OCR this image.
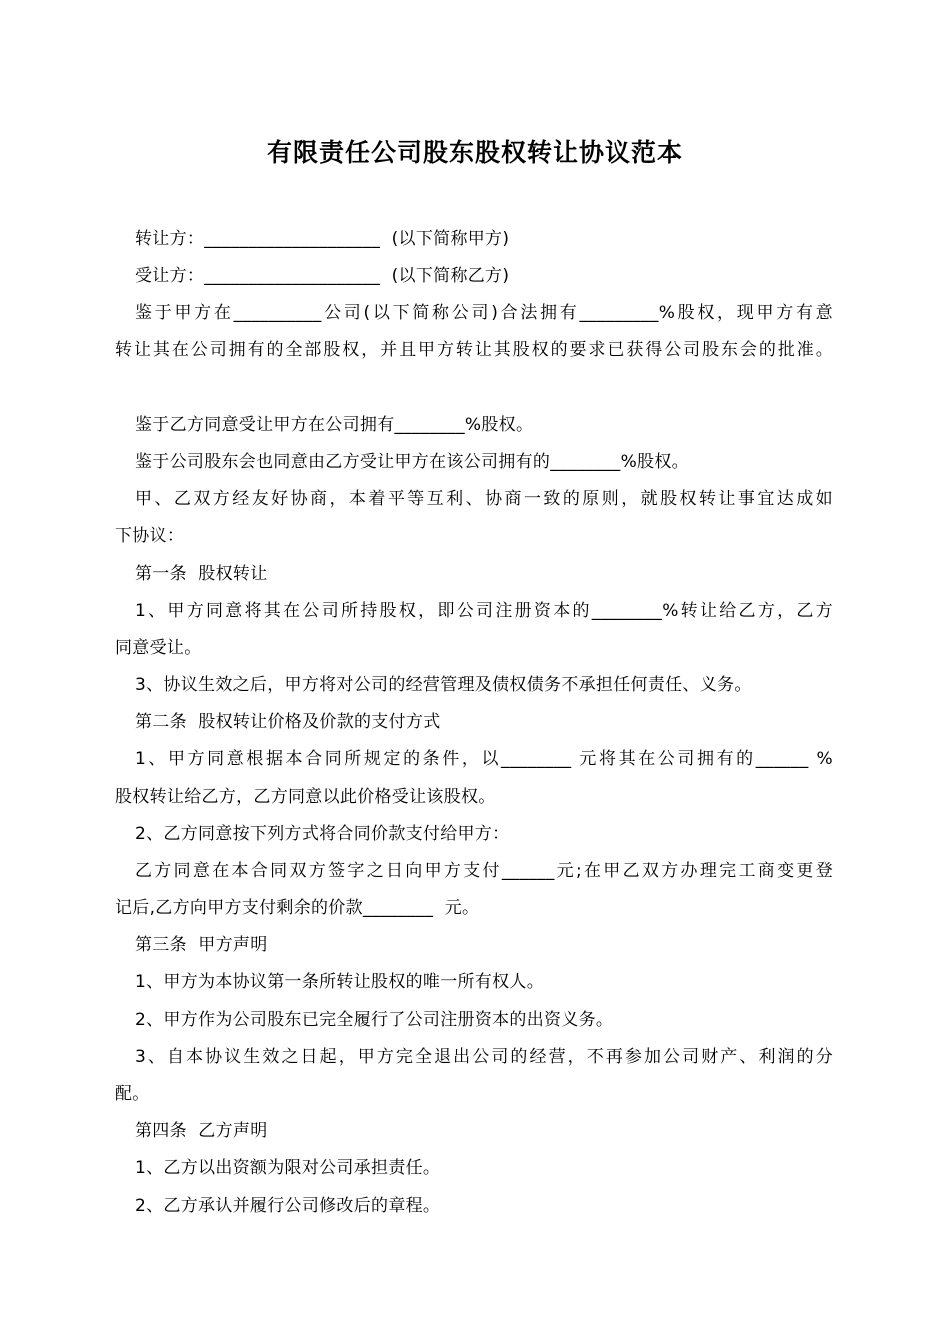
有限责任公司股东股权转让协议范本
转让方：____________________  (以下简称甲方)
受让方：____________________  (以下简称乙方)
鉴于甲方在__________公司(以下简称公司)合法拥有_________%股权，现甲方有意
转让其在公司拥有的全部股权，并且甲方转让其股权的要求已获得公司股东会的批准。
鉴于乙方同意受让甲方在公司拥有________%股权。
鉴于公司股东会也同意由乙方受让甲方在该公司拥有的________%股权。
甲、乙双方经友好协商，本着平等互利、协商一致的原则，就股权转让事宜达成如
下协议：
第一条  股权转让
1、甲方同意将其在公司所持股权，即公司注册资本的________%转让给乙方，乙方
同意受让。
3、协议生效之后，甲方将对公司的经营管理及债权债务不承担任何责任、义务。
第二条  股权转让价格及价款的支付方式
1、甲方同意根据本合同所规定的条件，以________ 元将其在公司拥有的______ %
股权转让给乙方，乙方同意以此价格受让该股权。
2、乙方同意按下列方式将合同价款支付给甲方：
乙方同意在本合同双方签字之日向甲方支付______元;在甲乙双方办理完工商变更登
记后,乙方向甲方支付剩余的价款________  元。
第三条  甲方声明
1、甲方为本协议第一条所转让股权的唯一所有权人。
2、甲方作为公司股东已完全履行了公司注册资本的出资义务。
3、自本协议生效之日起，甲方完全退出公司的经营，不再参加公司财产、利润的分
配。
第四条  乙方声明
1、乙方以出资额为限对公司承担责任。
2、乙方承认并履行公司修改后的章程。
